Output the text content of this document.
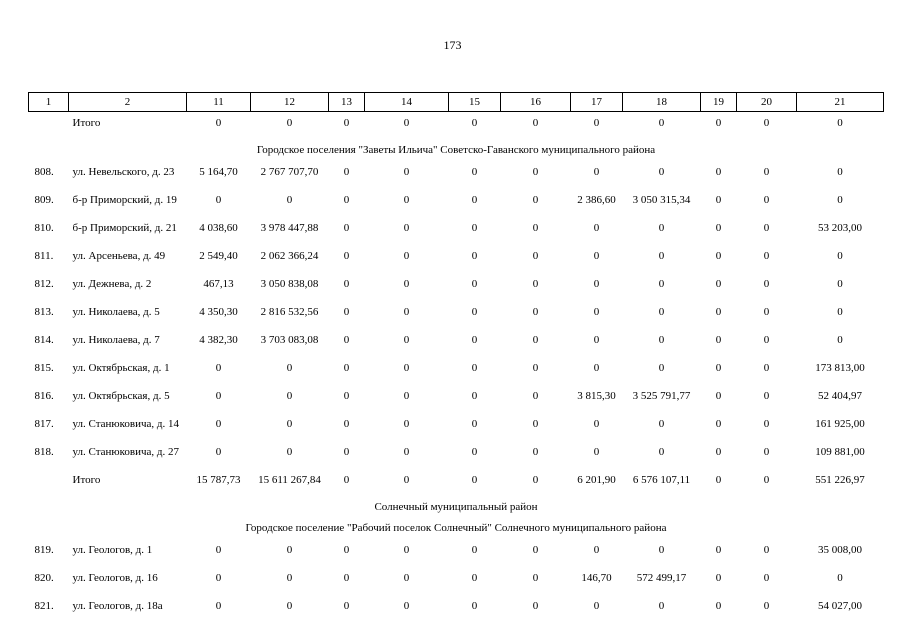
173
1	2	11	12	13	14	15	16	17	18	19	20	21
	Итого	0	0	0	0	0	0	0	0	0	0	0
Городское поселения "Заветы Ильича" Советско-Гаванского муниципального района												
808.	ул. Невельского, д. 23	5 164,70	2 767 707,70	0	0	0	0	0	0	0	0	0
809.	б-р Приморский, д. 19	0	0	0	0	0	0	2 386,60	3 050 315,34	0	0	0
810.	б-р Приморский, д. 21	4 038,60	3 978 447,88	0	0	0	0	0	0	0	0	53 203,00
811.	ул. Арсеньева, д. 49	2 549,40	2 062 366,24	0	0	0	0	0	0	0	0	0
812.	ул. Дежнева, д. 2	467,13	3 050 838,08	0	0	0	0	0	0	0	0	0
813.	ул. Николаева, д. 5	4 350,30	2 816 532,56	0	0	0	0	0	0	0	0	0
814.	ул. Николаева, д. 7	4 382,30	3 703 083,08	0	0	0	0	0	0	0	0	0
815.	ул. Октябрьская, д. 1	0	0	0	0	0	0	0	0	0	0	173 813,00
816.	ул. Октябрьская, д. 5	0	0	0	0	0	0	3 815,30	3 525 791,77	0	0	52 404,97
817.	ул. Станюковича, д. 14	0	0	0	0	0	0	0	0	0	0	161 925,00
818.	ул. Станюковича, д. 27	0	0	0	0	0	0	0	0	0	0	109 881,00
	Итого	15 787,73	15 611 267,84	0	0	0	0	6 201,90	6 576 107,11	0	0	551 226,97
Солнечный муниципальный район												
Городское поселение "Рабочий поселок Солнечный" Солнечного муниципального района												
819.	ул. Геологов, д. 1	0	0	0	0	0	0	0	0	0	0	35 008,00
820.	ул. Геологов, д. 16	0	0	0	0	0	0	146,70	572 499,17	0	0	0
821.	ул. Геологов, д. 18а	0	0	0	0	0	0	0	0	0	0	54 027,00
